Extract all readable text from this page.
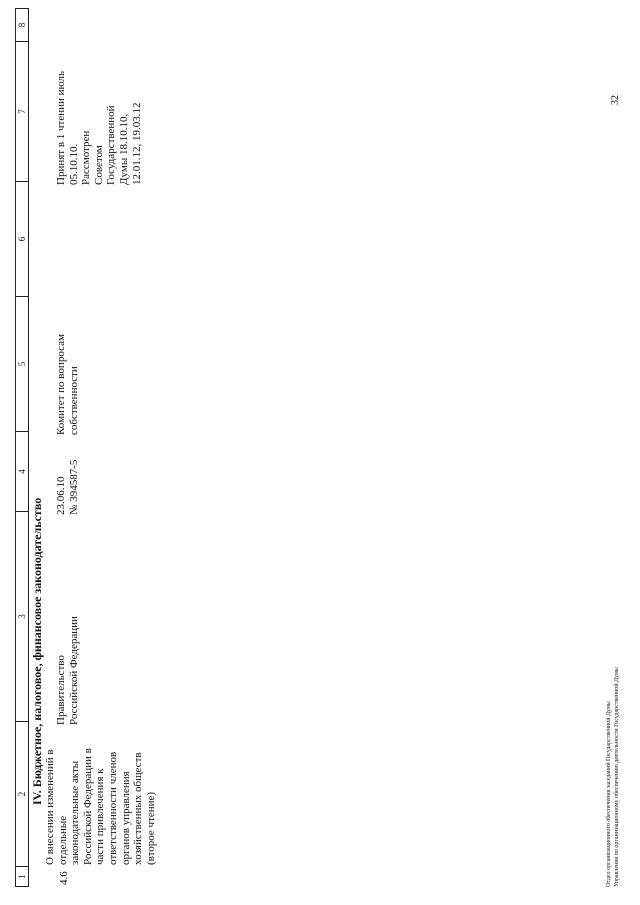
1
2
3
4
5
6
7
8
IV. Бюджетное, налоговое, финансовое законодательство
4.6
О внесении изменений в отдельные законодательные акты Российской Федерации в части привлечения к ответственности членов органов управления хозяйственных обществ (второе чтение)
Правительство Российской Федерации
23.06.10 № 394587-5
Комитет по вопросам собственности
Принят в 1 чтении июль 05.10.10. Рассмотрен Советом Государственной Думы 18.10.10, 12.01.12, 19.03.12
Отдел организационного обеспечения заседаний Государственной Думы Управления по организационному обеспечению деятельности Государственной Думы
32
